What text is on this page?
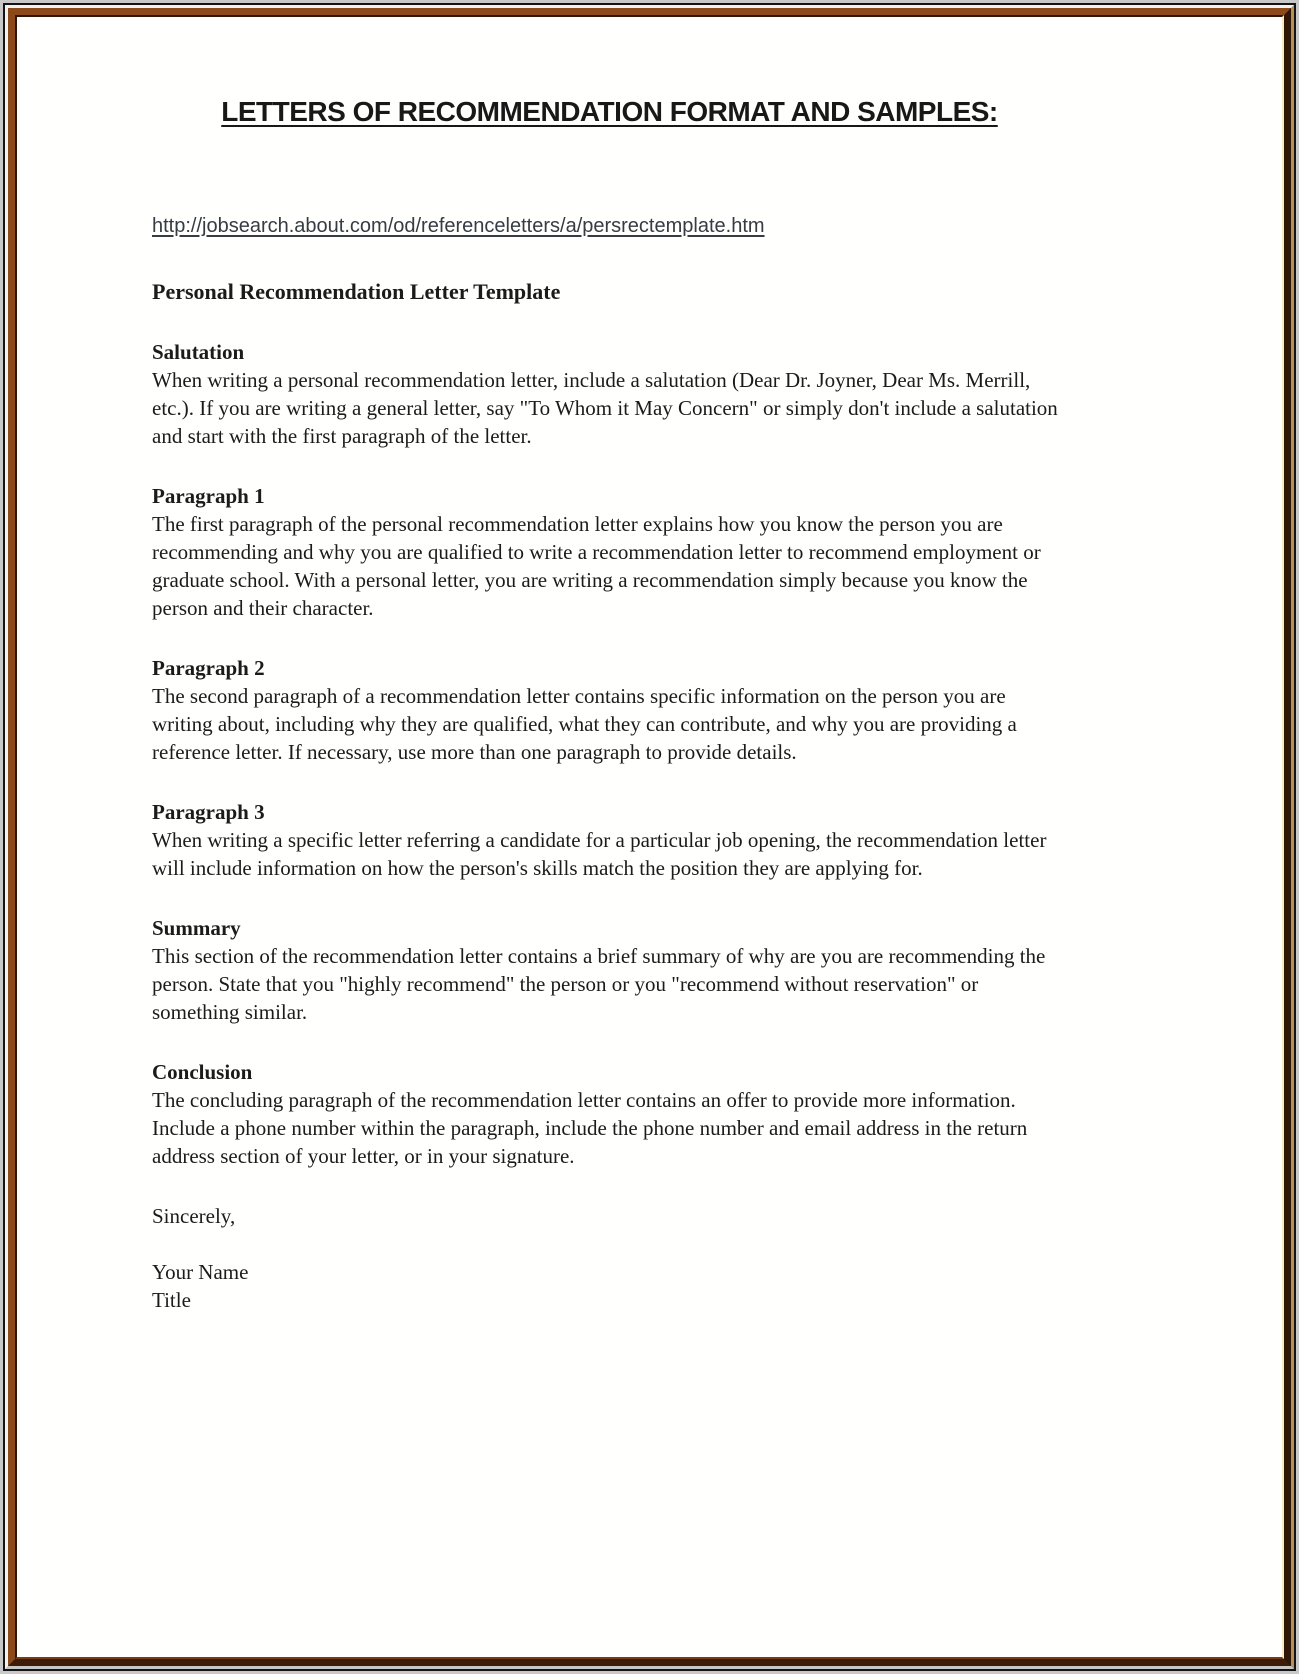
LETTERS OF RECOMMENDATION FORMAT AND SAMPLES:
http://jobsearch.about.com/od/referenceletters/a/persrectemplate.htm
Personal Recommendation Letter Template
Salutation

When writing a personal recommendation letter, include a salutation (Dear Dr. Joyner, Dear Ms. Merrill, etc.). If you are writing a general letter, say "To Whom it May Concern" or simply don't include a salutation and start with the first paragraph of the letter.

Paragraph 1

The first paragraph of the personal recommendation letter explains how you know the person you are recommending and why you are qualified to write a recommendation letter to recommend employment or graduate school. With a personal letter, you are writing a recommendation simply because you know the person and their character.

Paragraph 2

The second paragraph of a recommendation letter contains specific information on the person you are writing about, including why they are qualified, what they can contribute, and why you are providing a reference letter. If necessary, use more than one paragraph to provide details.

Paragraph 3

When writing a specific letter referring a candidate for a particular job opening, the recommendation letter will include information on how the person's skills match the position they are applying for.

Summary

This section of the recommendation letter contains a brief summary of why are you are recommending the person. State that you "highly recommend" the person or you "recommend without reservation" or something similar.

Conclusion

The concluding paragraph of the recommendation letter contains an offer to provide more information. Include a phone number within the paragraph, include the phone number and email address in the return address section of your letter, or in your signature.

Sincerely,

Your Name

Title
